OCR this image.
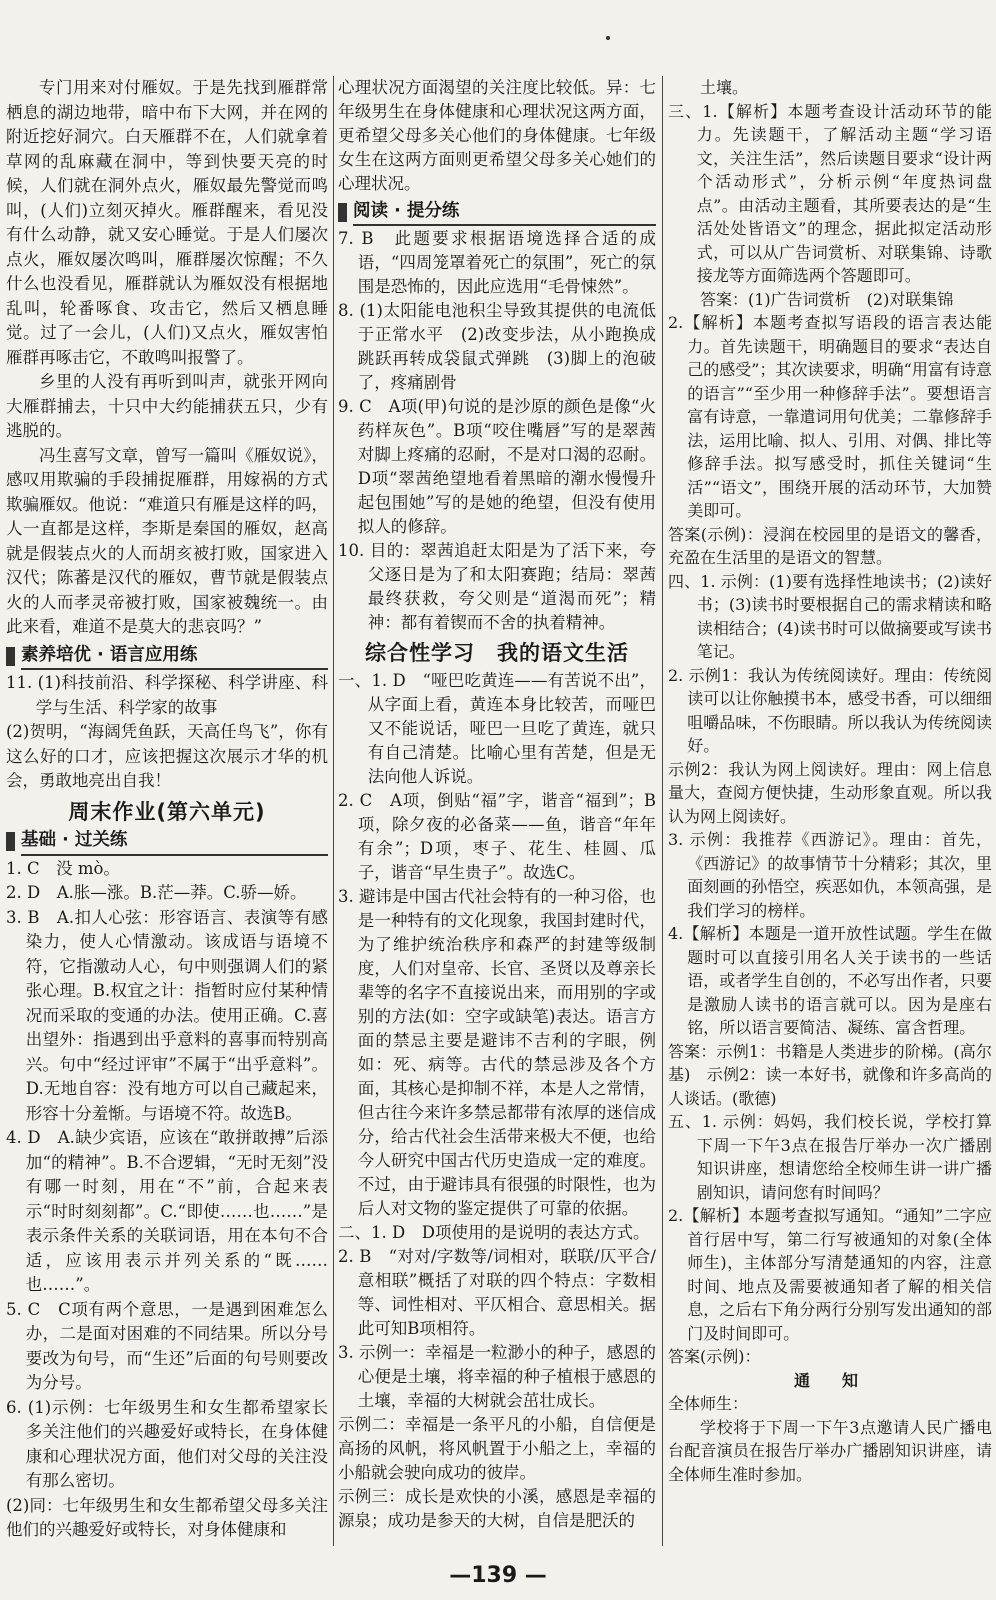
专门用来对付雁奴。于是先找到雁群常栖息的湖边地带，暗中布下大网，并在网的附近挖好洞穴。白天雁群不在，人们就拿着草网的乱麻藏在洞中，等到快要天亮的时候，人们就在洞外点火，雁奴最先警觉而鸣叫，(人们)立刻灭掉火。雁群醒来，看见没有什么动静，就又安心睡觉。于是人们屡次点火，雁奴屡次鸣叫，雁群屡次惊醒；不久什么也没看见，雁群就认为雁奴没有根据地乱叫，轮番啄食、攻击它，然后又栖息睡觉。过了一会儿，(人们)又点火，雁奴害怕雁群再啄击它，不敢鸣叫报警了。

乡里的人没有再听到叫声，就张开网向大雁群捕去，十只中大约能捕获五只，少有逃脱的。

冯生喜写文章，曾写一篇叫《雁奴说》，感叹用欺骗的手段捕捉雁群，用嫁祸的方式欺骗雁奴。他说：“难道只有雁是这样的吗，人一直都是这样，李斯是秦国的雁奴，赵高就是假装点火的人而胡亥被打败，国家进入汉代；陈蕃是汉代的雁奴，曹节就是假装点火的人而孝灵帝被打败，国家被魏统一。由此来看，难道不是莫大的悲哀吗？”

素养培优 · 语言应用练

11. (1)科技前沿、科学探秘、科学讲座、科学与生活、科学家的故事

(2)贺明，“海阔凭鱼跃，天高任鸟飞”，你有这么好的口才，应该把握这次展示才华的机会，勇敢地亮出自我！

周末作业(第六单元)
基础 · 过关练

1. C　没 mò。

2. D　A.胀—涨。B.茫—莽。C.骄—娇。

3. B　A.扣人心弦：形容语言、表演等有感染力，使人心情激动。该成语与语境不符，它指激动人心，句中则强调人们的紧张心理。B.权宜之计：指暂时应付某种情况而采取的变通的办法。使用正确。C.喜出望外：指遇到出乎意料的喜事而特别高兴。句中“经过评审”不属于“出乎意料”。D.无地自容：没有地方可以自己藏起来，形容十分羞惭。与语境不符。故选B。

4. D　A.缺少宾语，应该在“敢拼敢搏”后添加“的精神”。B.不合逻辑，“无时无刻”没有哪一时刻，用在“不”前，合起来表示“时时刻刻都”。C.“即使……也……”是表示条件关系的关联词语，用在本句不合适，应该用表示并列关系的“既……也……”。

5. C　C项有两个意思，一是遇到困难怎么办，二是面对困难的不同结果。所以分号要改为句号，而“生还”后面的句号则要改为分号。

6. (1)示例：七年级男生和女生都希望家长多关注他们的兴趣爱好或特长，在身体健康和心理状况方面，他们对父母的关注没有那么密切。

(2)同：七年级男生和女生都希望父母多关注他们的兴趣爱好或特长，对身体健康和

心理状况方面渴望的关注度比较低。异：七年级男生在身体健康和心理状况这两方面，更希望父母多关心他们的身体健康。七年级女生在这两方面则更希望父母多关心她们的心理状况。

阅读 · 提分练

7. B　此题要求根据语境选择合适的成语，“四周笼罩着死亡的氛围”，死亡的氛围是恐怖的，因此应选用“毛骨悚然”。

8. (1)太阳能电池积尘导致其提供的电流低于正常水平　(2)改变步法，从小跑换成跳跃再转成袋鼠式弹跳　(3)脚上的泡破了，疼痛剧骨

9. C　A项(甲)句说的是沙原的颜色是像“火药样灰色”。B项“咬住嘴唇”写的是翠茜对脚上疼痛的忍耐，不是对口渴的忍耐。D项“翠茜绝望地看着黑暗的潮水慢慢升起包围她”写的是她的绝望，但没有使用拟人的修辞。

10. 目的：翠茜追赶太阳是为了活下来，夸父逐日是为了和太阳赛跑；结局：翠茜最终获救，夸父则是“道渴而死”；精神：都有着锲而不舍的执着精神。

综合性学习　我的语文生活

一、1. D　“哑巴吃黄连——有苦说不出”，从字面上看，黄连本身比较苦，而哑巴又不能说话，哑巴一旦吃了黄连，就只有自己清楚。比喻心里有苦楚，但是无法向他人诉说。

2. C　A项，倒贴“福”字，谐音“福到”；B项，除夕夜的必备菜——鱼，谐音“年年有余”；D项，枣子、花生、桂圆、瓜子，谐音“早生贵子”。故选C。

3. 避讳是中国古代社会特有的一种习俗，也是一种特有的文化现象，我国封建时代，为了维护统治秩序和森严的封建等级制度，人们对皇帝、长官、圣贤以及尊亲长辈等的名字不直接说出来，而用别的字或别的方法(如：空字或缺笔)表达。语言方面的禁忌主要是避讳不吉利的字眼，例如：死、病等。古代的禁忌涉及各个方面，其核心是抑制不祥，本是人之常情，但古往今来许多禁忌都带有浓厚的迷信成分，给古代社会生活带来极大不便，也给今人研究中国古代历史造成一定的难度。不过，由于避讳具有很强的时限性，也为后人对文物的鉴定提供了可靠的依据。

二、1. D　D项使用的是说明的表达方式。

2. B　“对对/字数等/词相对，联联/仄平合/意相联”概括了对联的四个特点：字数相等、词性相对、平仄相合、意思相关。据此可知B项相符。

3. 示例一：幸福是一粒渺小的种子，感恩的心便是土壤，将幸福的种子植根于感恩的土壤，幸福的大树就会茁壮成长。

示例二：幸福是一条平凡的小船，自信便是高扬的风帆，将风帆置于小船之上，幸福的小船就会驶向成功的彼岸。

示例三：成长是欢快的小溪，感恩是幸福的源泉；成功是参天的大树，自信是肥沃的

土壤。

三、1.【解析】本题考查设计活动环节的能力。先读题干，了解活动主题“学习语文，关注生活”，然后读题目要求“设计两个活动形式”，分析示例“年度热词盘点”。由活动主题看，其所要表达的是“生活处处皆语文”的理念，据此拟定活动形式，可以从广告词赏析、对联集锦、诗歌接龙等方面筛选两个答题即可。

答案：(1)广告词赏析　(2)对联集锦

2.【解析】本题考查拟写语段的语言表达能力。首先读题干，明确题目的要求“表达自己的感受”；其次读要求，明确“用富有诗意的语言”“至少用一种修辞手法”。要想语言富有诗意，一靠遣词用句优美；二靠修辞手法，运用比喻、拟人、引用、对偶、排比等修辞手法。拟写感受时，抓住关键词“生活”“语文”，围绕开展的活动环节，大加赞美即可。

答案(示例)：浸润在校园里的是语文的馨香，充盈在生活里的是语文的智慧。

四、1. 示例：(1)要有选择性地读书；(2)读好书；(3)读书时要根据自己的需求精读和略读相结合；(4)读书时可以做摘要或写读书笔记。

2. 示例1：我认为传统阅读好。理由：传统阅读可以让你触摸书本，感受书香，可以细细咀嚼品味，不伤眼睛。所以我认为传统阅读好。

示例2：我认为网上阅读好。理由：网上信息量大，查阅方便快捷，生动形象直观。所以我认为网上阅读好。

3. 示例：我推荐《西游记》。理由：首先，《西游记》的故事情节十分精彩；其次，里面刻画的孙悟空，疾恶如仇，本领高强，是我们学习的榜样。

4.【解析】本题是一道开放性试题。学生在做题时可以直接引用名人关于读书的一些话语，或者学生自创的，不必写出作者，只要是激励人读书的语言就可以。因为是座右铭，所以语言要简洁、凝练、富含哲理。

答案：示例1：书籍是人类进步的阶梯。(高尔基)　示例2：读一本好书，就像和许多高尚的人谈话。(歌德)

五、1. 示例：妈妈，我们校长说，学校打算下周一下午3点在报告厅举办一次广播剧知识讲座，想请您给全校师生讲一讲广播剧知识，请问您有时间吗？

2.【解析】本题考查拟写通知。“通知”二字应首行居中写，第二行写被通知的对象(全体师生)，主体部分写清楚通知的内容，注意时间、地点及需要被通知者了解的相关信息，之后右下角分两行分别写发出通知的部门及时间即可。

答案(示例)：

通　知

全体师生：

学校将于下周一下午3点邀请人民广播电台配音演员在报告厅举办广播剧知识讲座，请全体师生准时参加。

—139 —
